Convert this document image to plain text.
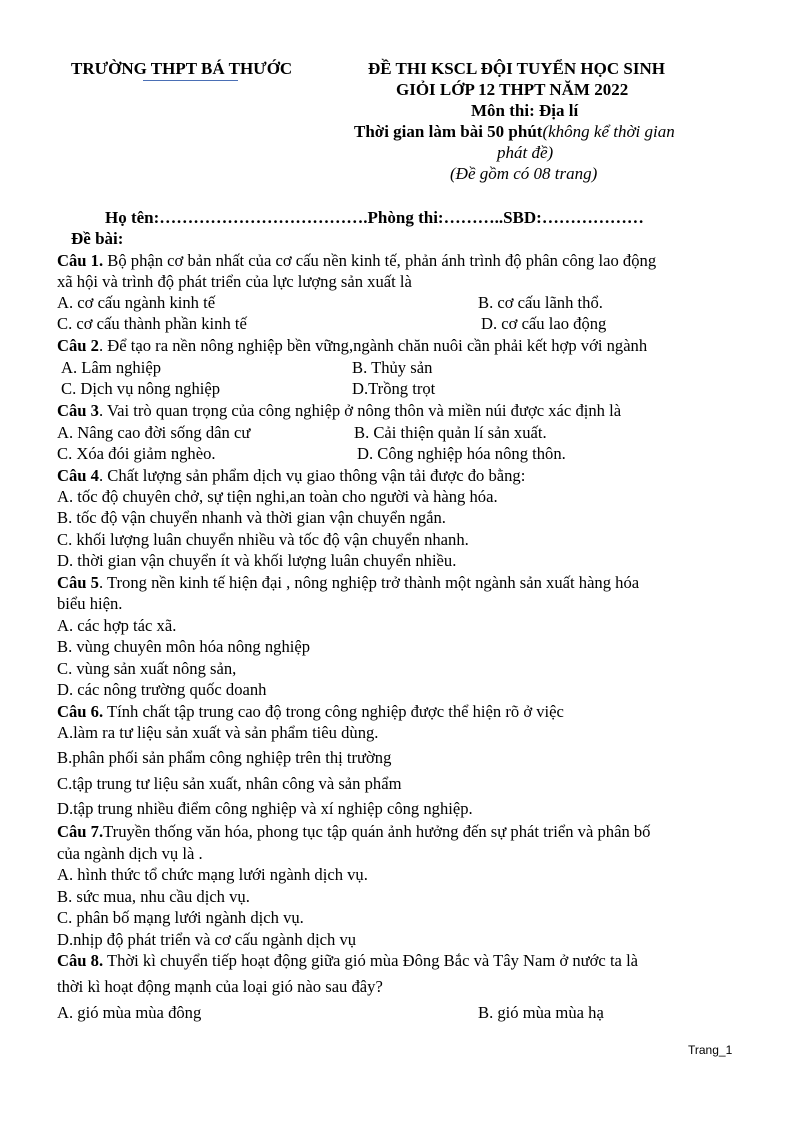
TRƯỜNG THPT BÁ THƯỚC	ĐỀ THI KSCL ĐỘI TUYỂN HỌC SINH
GIỎI LỚP 12 THPT NĂM 2022
Môn thi: Địa lí
Thời gian làm bài 50 phút(không kể thời gian
phát đề)
(Đề gồm có 08 trang)
Họ tên:……………………………….Phòng thi:………..SBD:………………
Đề bài:
Câu 1. Bộ phận cơ bản nhất của cơ cấu nền kinh tế, phản ánh trình độ phân công lao động
xã hội và trình độ phát triển của lực lượng sản xuất là
A. cơ cấu ngành kinh tế	B. cơ cấu lãnh thổ.
C. cơ cấu thành phần kinh tế	D. cơ cấu lao động
Câu 2. Để tạo ra nền nông nghiệp bền vững,ngành chăn nuôi cần phải kết hợp với ngành
A. Lâm nghiệp	B. Thủy sản
C. Dịch vụ nông nghiệp	D.Trồng trọt
Câu 3. Vai trò quan trọng của công nghiệp ở nông thôn và miền núi được xác định là
A. Nâng cao đời sống dân cư	B. Cải thiện quản lí sản xuất.
C. Xóa đói giảm nghèo.	D. Công nghiệp hóa nông thôn.
Câu 4. Chất lượng sản phẩm dịch vụ giao thông vận tải được đo bằng:
A. tốc độ chuyên chở, sự tiện nghi,an toàn cho người và hàng hóa.
B. tốc độ vận chuyển nhanh và thời gian vận chuyển ngắn.
C. khối lượng luân chuyển nhiều và tốc độ vận chuyển nhanh.
D. thời gian vận chuyển ít và khối lượng luân chuyển nhiều.
Câu 5. Trong nền kinh tế hiện đại , nông nghiệp trở thành một ngành sản xuất hàng hóa
biểu hiện.
A. các hợp tác xã.
B. vùng chuyên môn hóa nông nghiệp
C. vùng sản xuất nông sản,
D. các nông trường quốc doanh
Câu 6. Tính chất tập trung cao độ trong công nghiệp được thể hiện rõ ở việc
A.làm ra tư liệu sản xuất và sản phẩm tiêu dùng.
B.phân phối sản phẩm công nghiệp trên thị trường
C.tập trung tư liệu sản xuất, nhân công và sản phẩm
D.tập trung nhiều điểm công nghiệp và xí nghiệp công nghiệp.
Câu 7.Truyền thống văn hóa, phong tục tập quán ảnh hưởng đến sự phát triển và phân bố
của ngành dịch vụ là .
A. hình thức tổ chức mạng lưới ngành dịch vụ.
B. sức mua, nhu cầu dịch vụ.
C. phân bố mạng lưới ngành dịch vụ.
D.nhịp độ phát triển và cơ cấu ngành dịch vụ
Câu 8. Thời kì chuyển tiếp hoạt động giữa gió mùa Đông Bắc và Tây Nam ở nước ta là
thời kì hoạt động mạnh của loại gió nào sau đây?
A. gió mùa mùa đông	B. gió mùa mùa hạ
Trang_1
